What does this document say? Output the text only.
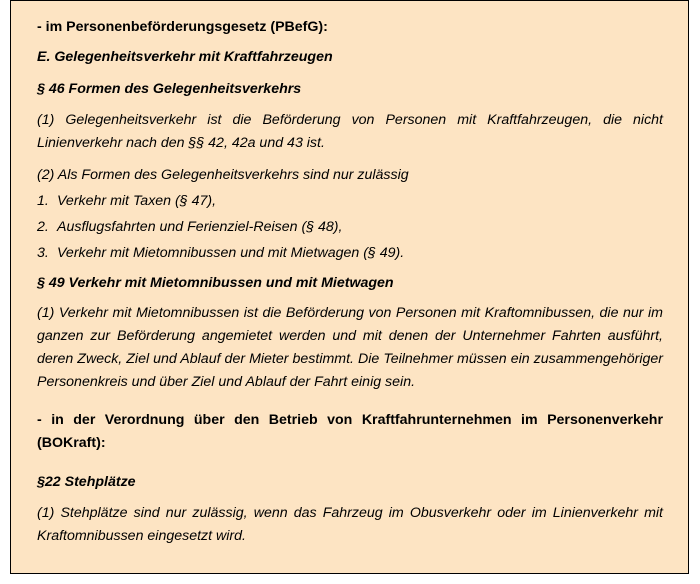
- im Personenbeförderungsgesetz (PBefG):

E. Gelegenheitsverkehr mit Kraftfahrzeugen

§ 46 Formen des Gelegenheitsverkehrs

(1) Gelegenheitsverkehr ist die Beförderung von Personen mit Kraftfahrzeugen, die nicht Linienverkehr nach den §§ 42, 42a und 43 ist.

(2) Als Formen des Gelegenheitsverkehrs sind nur zulässig

1. Verkehr mit Taxen (§ 47),

2. Ausflugsfahrten und Ferienziel-Reisen (§ 48),

3. Verkehr mit Mietomnibussen und mit Mietwagen (§ 49).

§ 49 Verkehr mit Mietomnibussen und mit Mietwagen

(1) Verkehr mit Mietomnibussen ist die Beförderung von Personen mit Kraftomnibussen, die nur im ganzen zur Beförderung angemietet werden und mit denen der Unternehmer Fahrten ausführt, deren Zweck, Ziel und Ablauf der Mieter bestimmt. Die Teilnehmer müssen ein zusammengehöriger Personenkreis und über Ziel und Ablauf der Fahrt einig sein.

- in der Verordnung über den Betrieb von Kraftfahrunternehmen im Personenverkehr (BOKraft):

§22 Stehplätze

(1) Stehplätze sind nur zulässig, wenn das Fahrzeug im Obusverkehr oder im Linienverkehr mit Kraftomnibussen eingesetzt wird.
